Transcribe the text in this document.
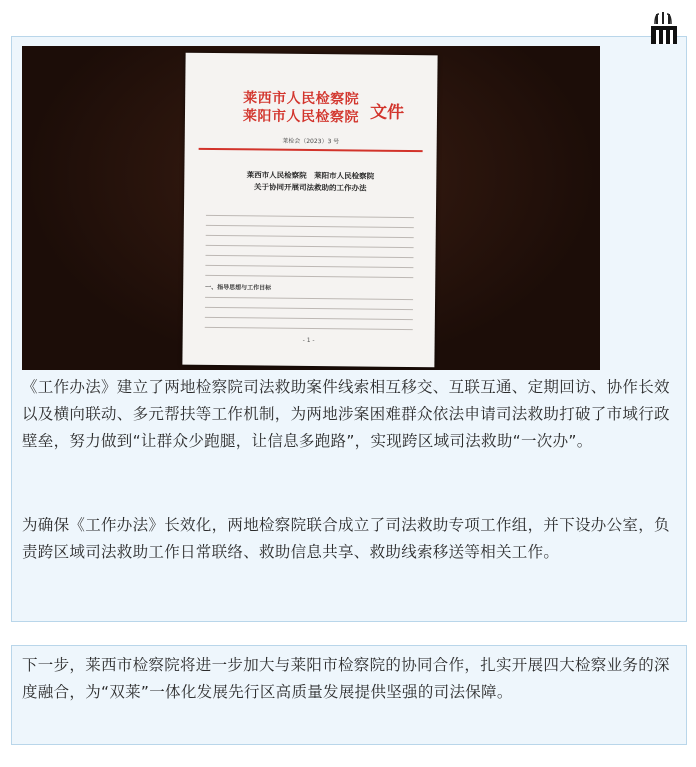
莱西市人民检察院
莱阳市人民检察院 文件
莱检会（2023）3 号
莱西市人民检察院　莱阳市人民检察院
关于协同开展司法救助的工作办法
一、指导思想与工作目标
- 1 -

《工作办法》建立了两地检察院司法救助案件线索相互移交、互联互通、定期回访、协作长效以及横向联动、多元帮扶等工作机制，为两地涉案困难群众依法申请司法救助打破了市域行政壁垒，努力做到“让群众少跑腿，让信息多跑路”，实现跨区域司法救助“一次办”。

为确保《工作办法》长效化，两地检察院联合成立了司法救助专项工作组，并下设办公室，负责跨区域司法救助工作日常联络、救助信息共享、救助线索移送等相关工作。

下一步，莱西市检察院将进一步加大与莱阳市检察院的协同合作，扎实开展四大检察业务的深度融合，为“双莱”一体化发展先行区高质量发展提供坚强的司法保障。
